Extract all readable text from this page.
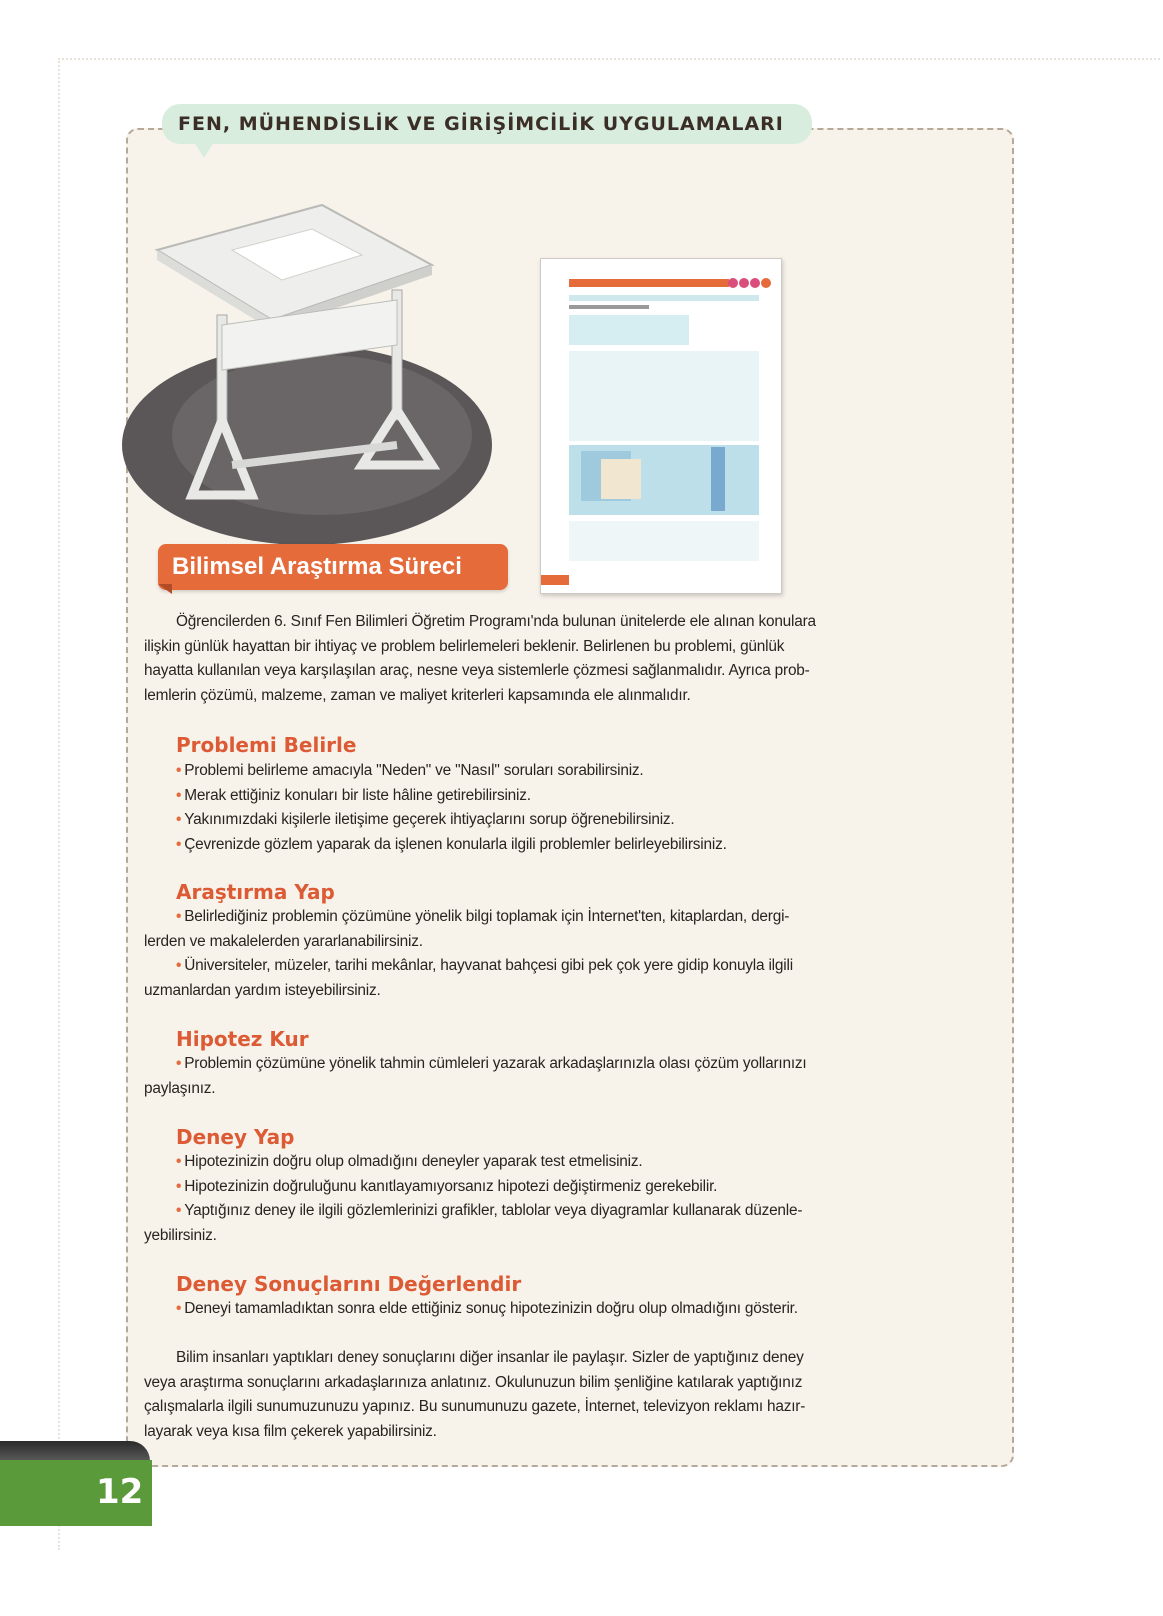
FEN, MÜHENDİSLİK VE GİRİŞİMCİLİK UYGULAMALARI
Bilimsel Araştırma Süreci
Öğrencilerden 6. Sınıf Fen Bilimleri Öğretim Programı'nda bulunan ünitelerde ele alınan konulara
ilişkin günlük hayattan bir ihtiyaç ve problem belirlemeleri beklenir. Belirlenen bu problemi, günlük
hayatta kullanılan veya karşılaşılan araç, nesne veya sistemlerle çözmesi sağlanmalıdır. Ayrıca prob-
lemlerin çözümü, malzeme, zaman ve maliyet kriterleri kapsamında ele alınmalıdır.
Problemi Belirle
• Problemi belirleme amacıyla "Neden" ve "Nasıl" soruları sorabilirsiniz.
• Merak ettiğiniz konuları bir liste hâline getirebilirsiniz.
• Yakınımızdaki kişilerle iletişime geçerek ihtiyaçlarını sorup öğrenebilirsiniz.
• Çevrenizde gözlem yaparak da işlenen konularla ilgili problemler belirleyebilirsiniz.
Araştırma Yap
• Belirlediğiniz problemin çözümüne yönelik bilgi toplamak için İnternet'ten, kitaplardan, dergi-
lerden ve makalelerden yararlanabilirsiniz.
• Üniversiteler, müzeler, tarihi mekânlar, hayvanat bahçesi gibi pek çok yere gidip konuyla ilgili
uzmanlardan yardım isteyebilirsiniz.
Hipotez Kur
• Problemin çözümüne yönelik tahmin cümleleri yazarak arkadaşlarınızla olası çözüm yollarınızı
paylaşınız.
Deney Yap
• Hipotezinizin doğru olup olmadığını deneyler yaparak test etmelisiniz.
• Hipotezinizin doğruluğunu kanıtlayamıyorsanız hipotezi değiştirmeniz gerekebilir.
• Yaptığınız deney ile ilgili gözlemlerinizi grafikler, tablolar veya diyagramlar kullanarak düzenle-
yebilirsiniz.
Deney Sonuçlarını Değerlendir
• Deneyi tamamladıktan sonra elde ettiğiniz sonuç hipotezinizin doğru olup olmadığını gösterir.
Bilim insanları yaptıkları deney sonuçlarını diğer insanlar ile paylaşır. Sizler de yaptığınız deney
veya araştırma sonuçlarını arkadaşlarınıza anlatınız. Okulunuzun bilim şenliğine katılarak yaptığınız
çalışmalarla ilgili sunumuzunuzu yapınız. Bu sunumunuzu gazete, İnternet, televizyon reklamı hazır-
layarak veya kısa film çekerek yapabilirsiniz.
12
